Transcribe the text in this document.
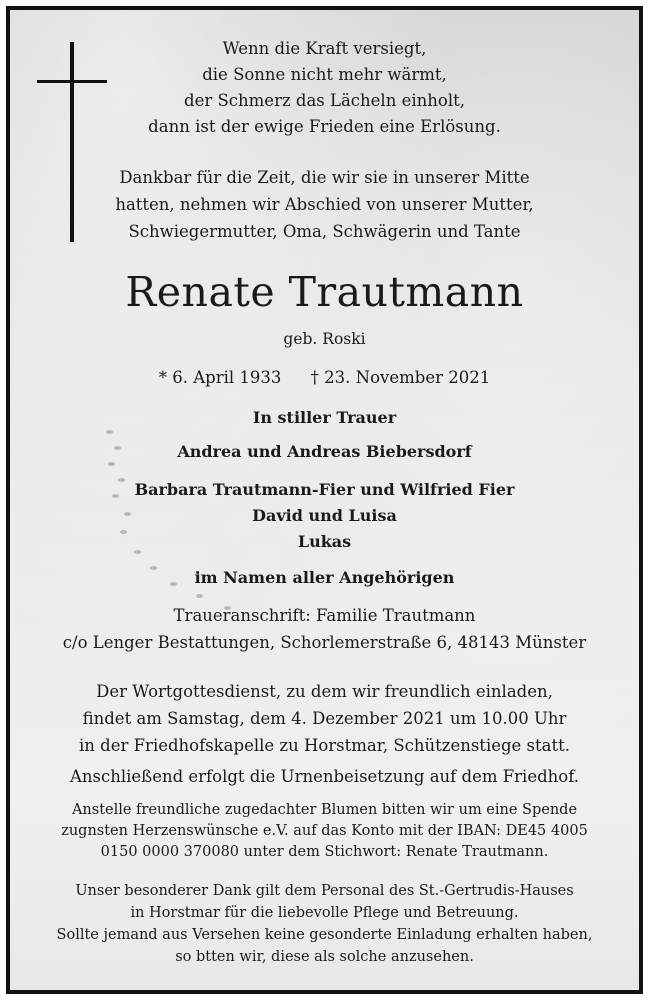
Wenn die Kraft versiegt,
die Sonne nicht mehr wärmt,
der Schmerz das Lächeln einholt,
dann ist der ewige Frieden eine Erlösung.
Dankbar für die Zeit, die wir sie in unserer Mitte
hatten, nehmen wir Abschied von unserer Mutter,
Schwiegermutter, Oma, Schwägerin und Tante
Renate Trautmann
geb. Roski
* 6. April 1933 † 23. November 2021
In stiller Trauer
Andrea und Andreas Biebersdorf
Barbara Trautmann-Fier und Wilfried Fier
David und Luisa
Lukas
im Namen aller Angehörigen
Traueranschrift: Familie Trautmann
c/o Lenger Bestattungen, Schorlemerstraße 6, 48143 Münster
Der Wortgottesdienst, zu dem wir freundlich einladen,
findet am Samstag, dem 4. Dezember 2021 um 10.00 Uhr
in der Friedhofskapelle zu Horstmar, Schützenstiege statt.
Anschließend erfolgt die Urnenbeisetzung auf dem Friedhof.
Anstelle freundliche zugedachter Blumen bitten wir um eine Spende
zugnsten Herzenswünsche e.V. auf das Konto mit der IBAN: DE45 4005
0150 0000 370080 unter dem Stichwort: Renate Trautmann.
Unser besonderer Dank gilt dem Personal des St.-Gertrudis-Hauses
in Horstmar für die liebevolle Pflege und Betreuung.
Sollte jemand aus Versehen keine gesonderte Einladung erhalten haben,
so btten wir, diese als solche anzusehen.
